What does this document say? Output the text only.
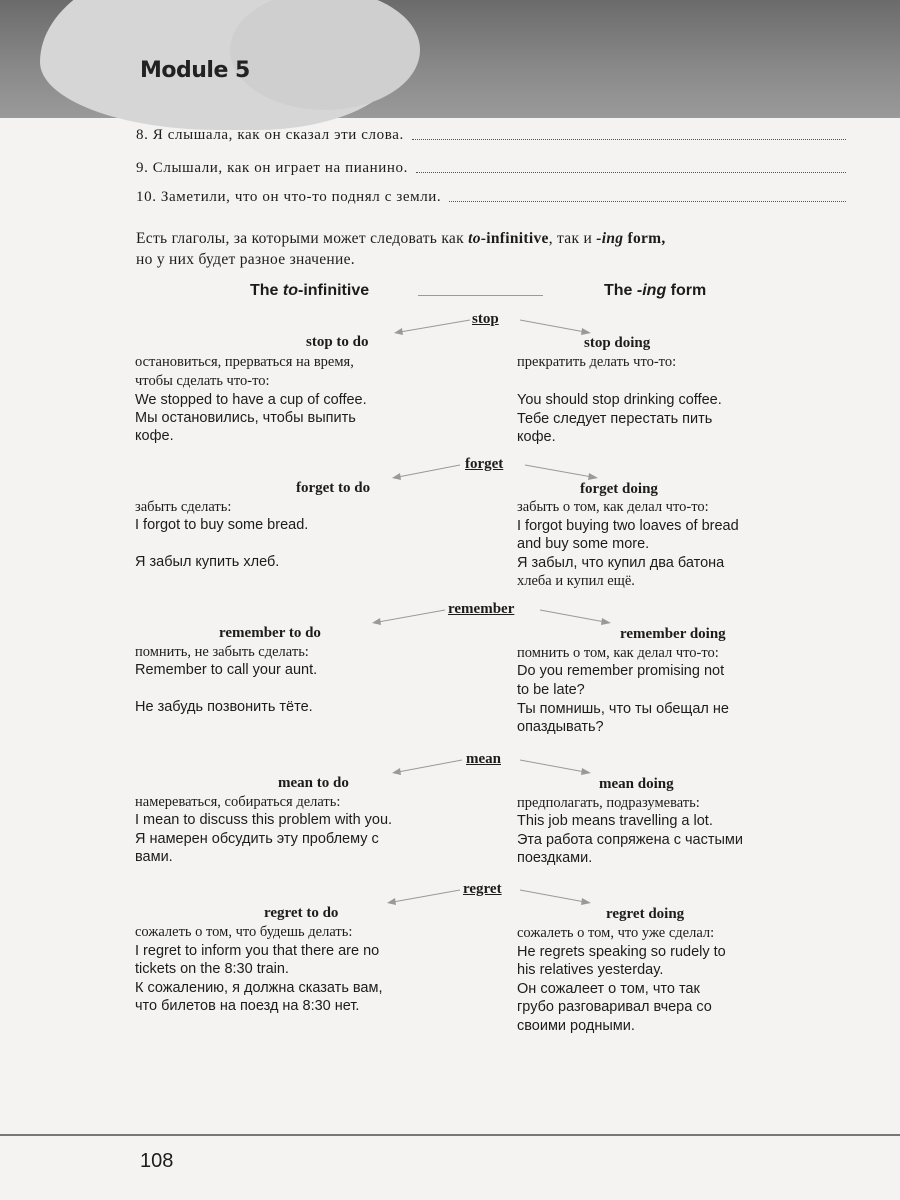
Module 5
8. Я слышала, как он сказал эти слова.
9. Слышали, как он играет на пианино.
10. Заметили, что он что-то поднял с земли.
Есть глаголы, за которыми может следовать как to-infinitive, так и -ing form,
но у них будет разное значение.
The to-infinitive	The -ing form
stop
stop to do
остановиться, прерваться на время,
чтобы сделать что-то:
We stopped to have a cup of coffee.
Мы остановились, чтобы выпить
кофе.
stop doing
прекратить делать что-то:
You should stop drinking coffee.
Тебе следует перестать пить
кофе.
forget
forget to do
забыть сделать:
I forgot to buy some bread.
Я забыл купить хлеб.
forget doing
забыть о том, как делал что-то:
I forgot buying two loaves of bread
and buy some more.
Я забыл, что купил два батона
хлеба и купил ещё.
remember
remember to do
помнить, не забыть сделать:
Remember to call your aunt.
Не забудь позвонить тёте.
remember doing
помнить о том, как делал что-то:
Do you remember promising not
to be late?
Ты помнишь, что ты обещал не
опаздывать?
mean
mean to do
намереваться, собираться делать:
I mean to discuss this problem with you.
Я намерен обсудить эту проблему с
вами.
mean doing
предполагать, подразумевать:
This job means travelling a lot.
Эта работа сопряжена с частыми
поездками.
regret
regret to do
сожалеть о том, что будешь делать:
I regret to inform you that there are no
tickets on the 8:30 train.
К сожалению, я должна сказать вам,
что билетов на поезд на 8:30 нет.
regret doing
сожалеть о том, что уже сделал:
He regrets speaking so rudely to
his relatives yesterday.
Он сожалеет о том, что так
грубо разговаривал вчера со
своими родными.
108
